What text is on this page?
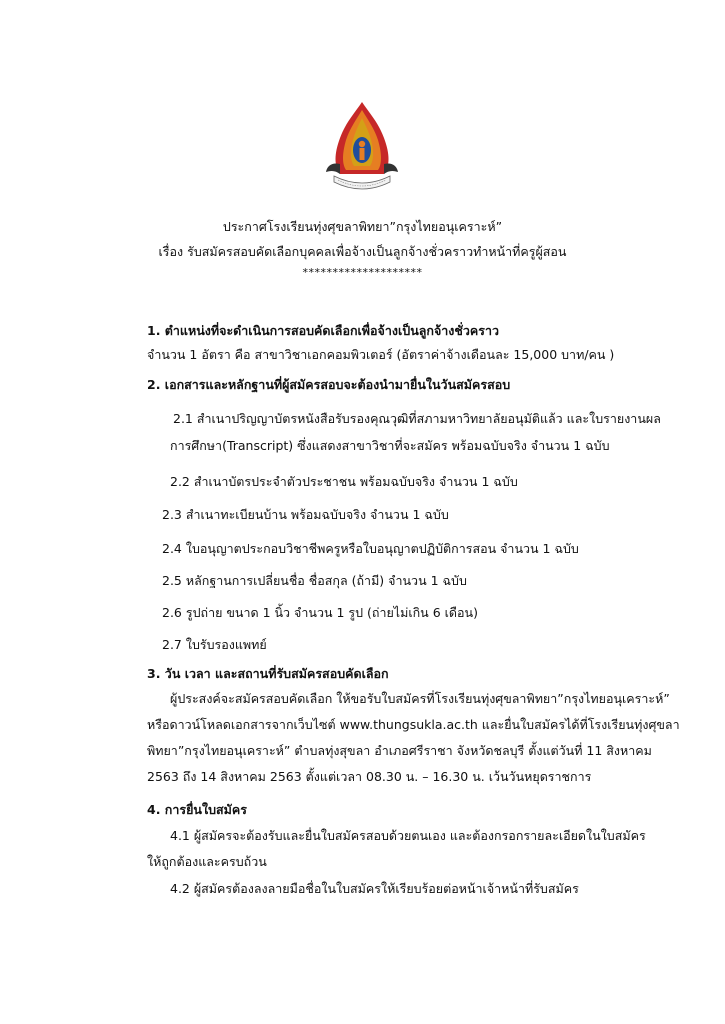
ประกาศโรงเรียนทุ่งศุขลาพิทยา”กรุงไทยอนุเคราะห์”
เรื่อง รับสมัครสอบคัดเลือกบุคคลเพื่อจ้างเป็นลูกจ้างชั่วคราวทำหน้าที่ครูผู้สอน
********************
1. ตำแหน่งที่จะดำเนินการสอบคัดเลือกเพื่อจ้างเป็นลูกจ้างชั่วคราว
จำนวน 1 อัตรา คือ สาขาวิชาเอกคอมพิวเตอร์ (อัตราค่าจ้างเดือนละ 15,000 บาท/คน )
2. เอกสารและหลักฐานที่ผู้สมัครสอบจะต้องนำมายื่นในวันสมัครสอบ
2.1 สำเนาปริญญาบัตรหนังสือรับรองคุณวุฒิที่สภามหาวิทยาลัยอนุมัติแล้ว และใบรายงานผล
การศึกษา(Transcript) ซึ่งแสดงสาขาวิชาที่จะสมัคร พร้อมฉบับจริง จำนวน 1 ฉบับ
2.2 สำเนาบัตรประจำตัวประชาชน พร้อมฉบับจริง จำนวน 1 ฉบับ
2.3 สำเนาทะเบียนบ้าน พร้อมฉบับจริง จำนวน 1 ฉบับ
2.4 ใบอนุญาตประกอบวิชาชีพครูหรือใบอนุญาตปฏิบัติการสอน จำนวน 1 ฉบับ
2.5 หลักฐานการเปลี่ยนชื่อ ชื่อสกุล (ถ้ามี) จำนวน 1 ฉบับ
2.6 รูปถ่าย ขนาด 1 นิ้ว จำนวน 1 รูป (ถ่ายไม่เกิน 6 เดือน)
2.7 ใบรับรองแพทย์
3. วัน เวลา และสถานที่รับสมัครสอบคัดเลือก
ผู้ประสงค์จะสมัครสอบคัดเลือก ให้ขอรับใบสมัครที่โรงเรียนทุ่งศุขลาพิทยา”กรุงไทยอนุเคราะห์”
หรือดาวน์โหลดเอกสารจากเว็บไซต์ www.thungsukla.ac.th และยื่นใบสมัครได้ที่โรงเรียนทุ่งศุขลา
พิทยา”กรุงไทยอนุเคราะห์” ตำบลทุ่งสุขลา อำเภอศรีราชา จังหวัดชลบุรี ตั้งแต่วันที่ 11 สิงหาคม
2563 ถึง 14 สิงหาคม 2563 ตั้งแต่เวลา 08.30 น. – 16.30 น. เว้นวันหยุดราชการ
4. การยื่นใบสมัคร
4.1 ผู้สมัครจะต้องรับและยื่นใบสมัครสอบด้วยตนเอง และต้องกรอกรายละเอียดในใบสมัคร
ให้ถูกต้องและครบถ้วน
4.2 ผู้สมัครต้องลงลายมือชื่อในใบสมัครให้เรียบร้อยต่อหน้าเจ้าหน้าที่รับสมัคร
